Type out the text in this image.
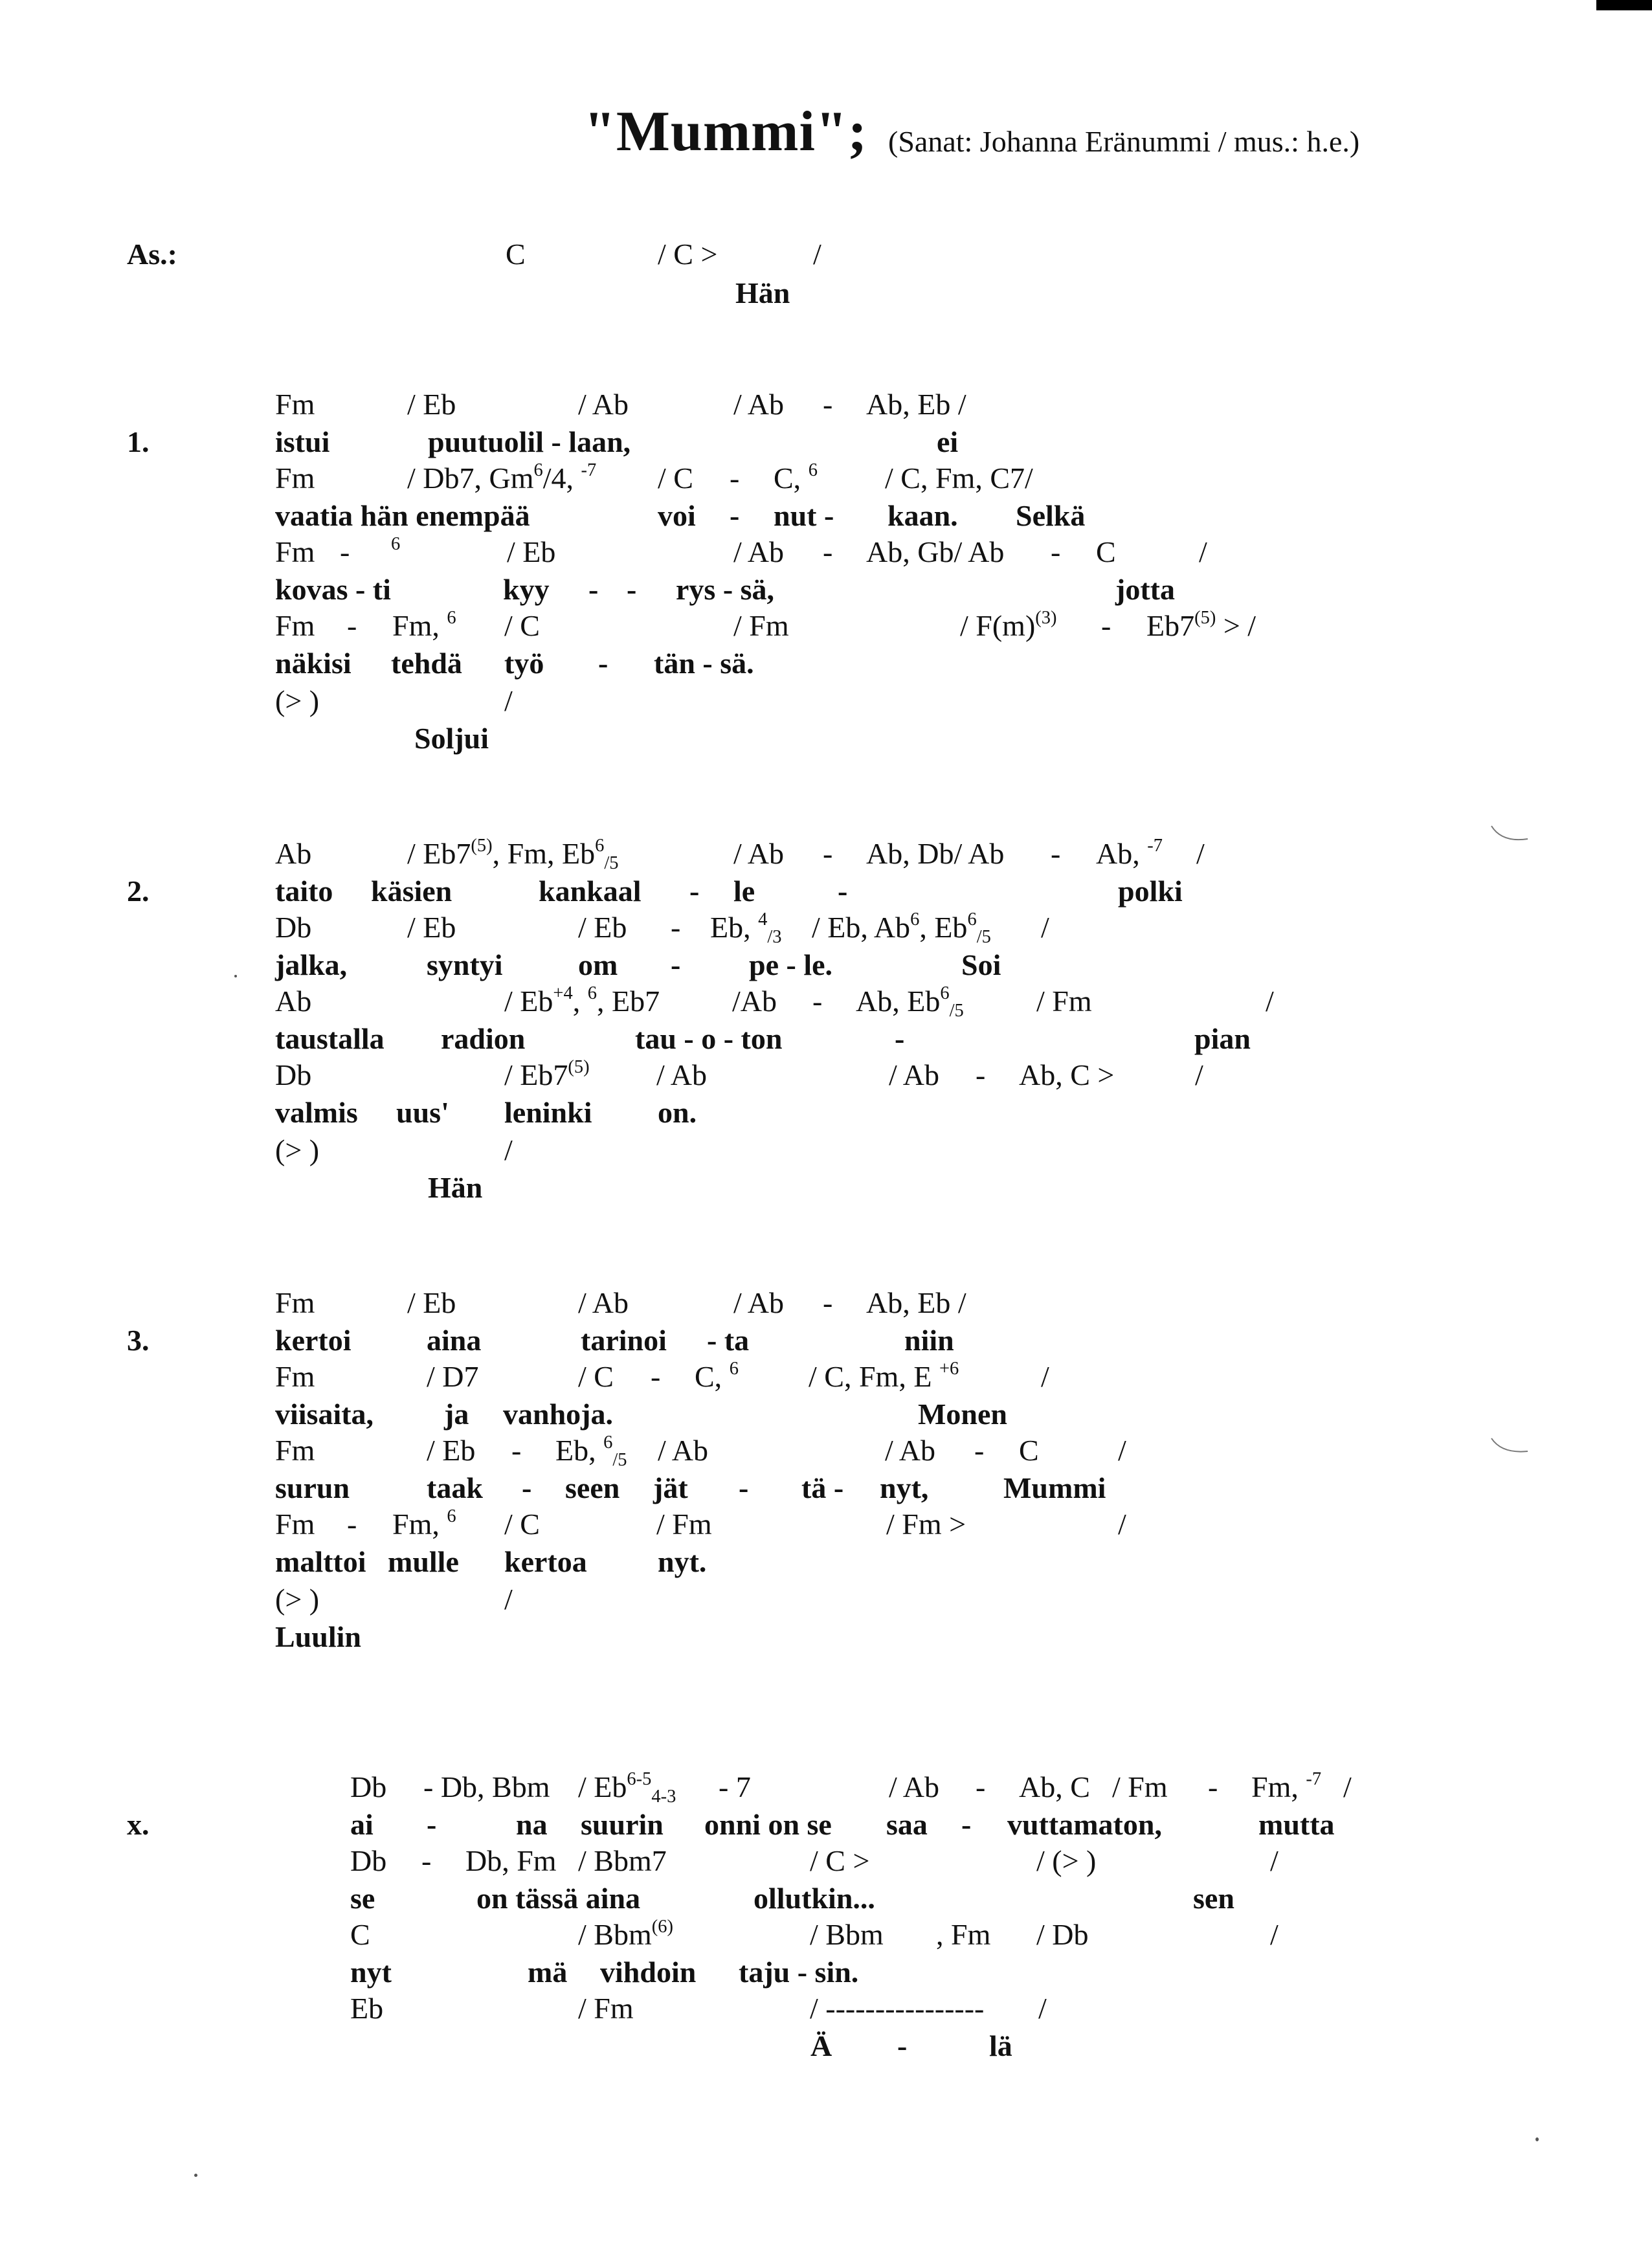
"Mummi"; (Sanat: Johanna Eränummi / mus.: h.e.)
As.:	C	/ C >	/
Hän
1.
Fm	/ Eb	/ Ab	/ Ab - Ab, Eb /
istui	puutuolil - laan,	ei
Fm	/ Db7, Gm$^6$/4, $^{-7}$ / C - C, $^6$ / C, Fm, C7/
vaatia hän enempää	voi - nut - kaan. Selkä
Fm - $^6$	/ Eb	/ Ab - Ab, Gb/ Ab - C	/
kovas - ti	kyy - - rys - sä,	jotta
Fm - Fm, $^6$ / C	/ Fm	/ $F(m)^{(3)} - Eb7^{(5)}$ > /
näkisi tehdä työ - tän - sä.
(> )	/
Soljui
2.
Ab	/ Eb7$^{(5)}$, Fm, $Eb^6_{/5}$	/ Ab - Ab, Db/ Ab - Ab, $^{-7}$ /
taito käsien	kankaal - le	-	polki
Db	/ Eb	/ Eb - Eb, $^4_{/3}$ / Eb, Ab$^6$, $Eb^6_{/5}$ /
jalka,	syntyi	om - pe - le.	Soi
Ab	/ $Eb^{+4}$, $^6$, Eb7 /Ab - Ab, $Eb^6_{/5}$ / Fm	/
taustalla radion	tau - o - ton	-	pian
Db	/ Eb7$^{(5)}$ / Ab	/ Ab - Ab, C >	/
valmis uus' leninki on.
(> )	/
Hän
3.
Fm	/ Eb	/ Ab	/ Ab - Ab, Eb /
kertoi	aina	tarinoi - ta	niin
Fm	/ D7	/ C - C, $^6$ / C, Fm, E $^{+6}$	/
viisaita, ja vanhoja.	Monen
Fm	/ Eb - Eb, $^6_{/5}$ / Ab	/ Ab - C	/
surun	taak - seen jät - tä - nyt,	Mummi
Fm - Fm, $^6$ / C	/ Fm	/ Fm >	/
malttoi mulle kertoa nyt.
(> )	/
Luulin
x.
Db - Db, Bbm / $Eb^{6-5}_{4-3} - 7$	/ Ab - Ab, C / Fm - Fm, $^{-7}$ /
ai -	na suurin onni on se saa - vuttamaton,	mutta
Db - Db, Fm / Bbm7	/ C >	/ (> )	/
se	on tässä aina	ollutkin...	sen
C	/ Bbm$^{(6)}$	/ Bbm , Fm / Db	/
nyt	mä vihdoin taju - sin.
Eb	/ Fm	/ ---------------- /
Ä -	lä
